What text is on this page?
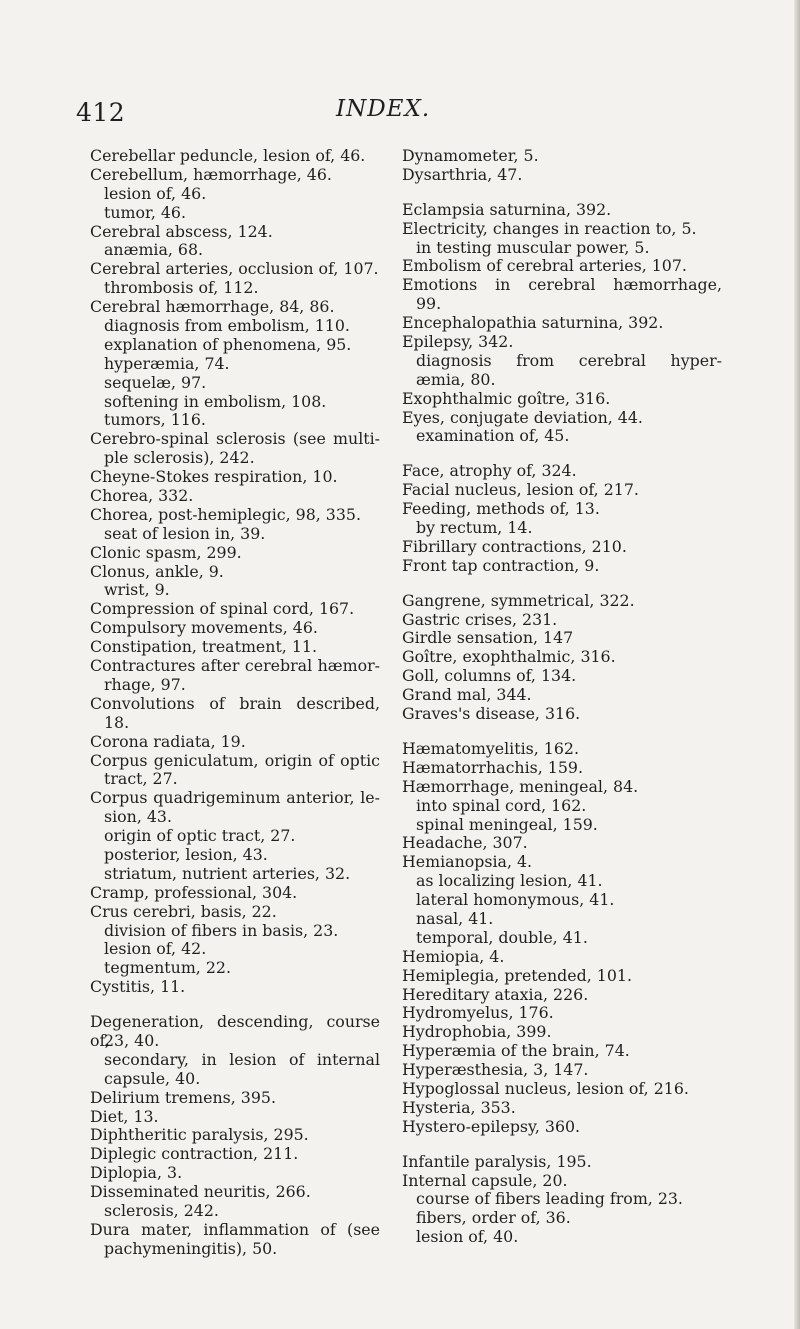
412	INDEX.
Cerebellar peduncle, lesion of, 46.
Cerebellum, hæmorrhage, 46.
lesion of, 46.
tumor, 46.
Cerebral abscess, 124.
anæmia, 68.
Cerebral arteries, occlusion of, 107.
thrombosis of, 112.
Cerebral hæmorrhage, 84, 86.
diagnosis from embolism, 110.
explanation of phenomena, 95.
hyperæmia, 74.
sequelæ, 97.
softening in embolism, 108.
tumors, 116.
Cerebro-spinal sclerosis (see multi-
ple sclerosis), 242.
Cheyne-Stokes respiration, 10.
Chorea, 332.
Chorea, post-hemiplegic, 98, 335.
seat of lesion in, 39.
Clonic spasm, 299.
Clonus, ankle, 9.
wrist, 9.
Compression of spinal cord, 167.
Compulsory movements, 46.
Constipation, treatment, 11.
Contractures after cerebral hæmor-
rhage, 97.
Convolutions of brain described,
18.
Corona radiata, 19.
Corpus geniculatum, origin of optic
tract, 27.
Corpus quadrigeminum anterior, le-
sion, 43.
origin of optic tract, 27.
posterior, lesion, 43.
striatum, nutrient arteries, 32.
Cramp, professional, 304.
Crus cerebri, basis, 22.
division of fibers in basis, 23.
lesion of, 42.
tegmentum, 22.
Cystitis, 11.
Degeneration, descending, course of,
23, 40.
secondary, in lesion of internal
capsule, 40.
Delirium tremens, 395.
Diet, 13.
Diphtheritic paralysis, 295.
Diplegic contraction, 211.
Diplopia, 3.
Disseminated neuritis, 266.
sclerosis, 242.
Dura mater, inflammation of (see
pachymeningitis), 50.
Dynamometer, 5.
Dysarthria, 47.
Eclampsia saturnina, 392.
Electricity, changes in reaction to, 5.
in testing muscular power, 5.
Embolism of cerebral arteries, 107.
Emotions in cerebral hæmorrhage,
99.
Encephalopathia saturnina, 392.
Epilepsy, 342.
diagnosis from cerebral hyper-
æmia, 80.
Exophthalmic goître, 316.
Eyes, conjugate deviation, 44.
examination of, 45.
Face, atrophy of, 324.
Facial nucleus, lesion of, 217.
Feeding, methods of, 13.
by rectum, 14.
Fibrillary contractions, 210.
Front tap contraction, 9.
Gangrene, symmetrical, 322.
Gastric crises, 231.
Girdle sensation, 147
Goître, exophthalmic, 316.
Goll, columns of, 134.
Grand mal, 344.
Graves's disease, 316.
Hæmatomyelitis, 162.
Hæmatorrhachis, 159.
Hæmorrhage, meningeal, 84.
into spinal cord, 162.
spinal meningeal, 159.
Headache, 307.
Hemianopsia, 4.
as localizing lesion, 41.
lateral homonymous, 41.
nasal, 41.
temporal, double, 41.
Hemiopia, 4.
Hemiplegia, pretended, 101.
Hereditary ataxia, 226.
Hydromyelus, 176.
Hydrophobia, 399.
Hyperæmia of the brain, 74.
Hyperæsthesia, 3, 147.
Hypoglossal nucleus, lesion of, 216.
Hysteria, 353.
Hystero-epilepsy, 360.
Infantile paralysis, 195.
Internal capsule, 20.
course of fibers leading from, 23.
fibers, order of, 36.
lesion of, 40.
